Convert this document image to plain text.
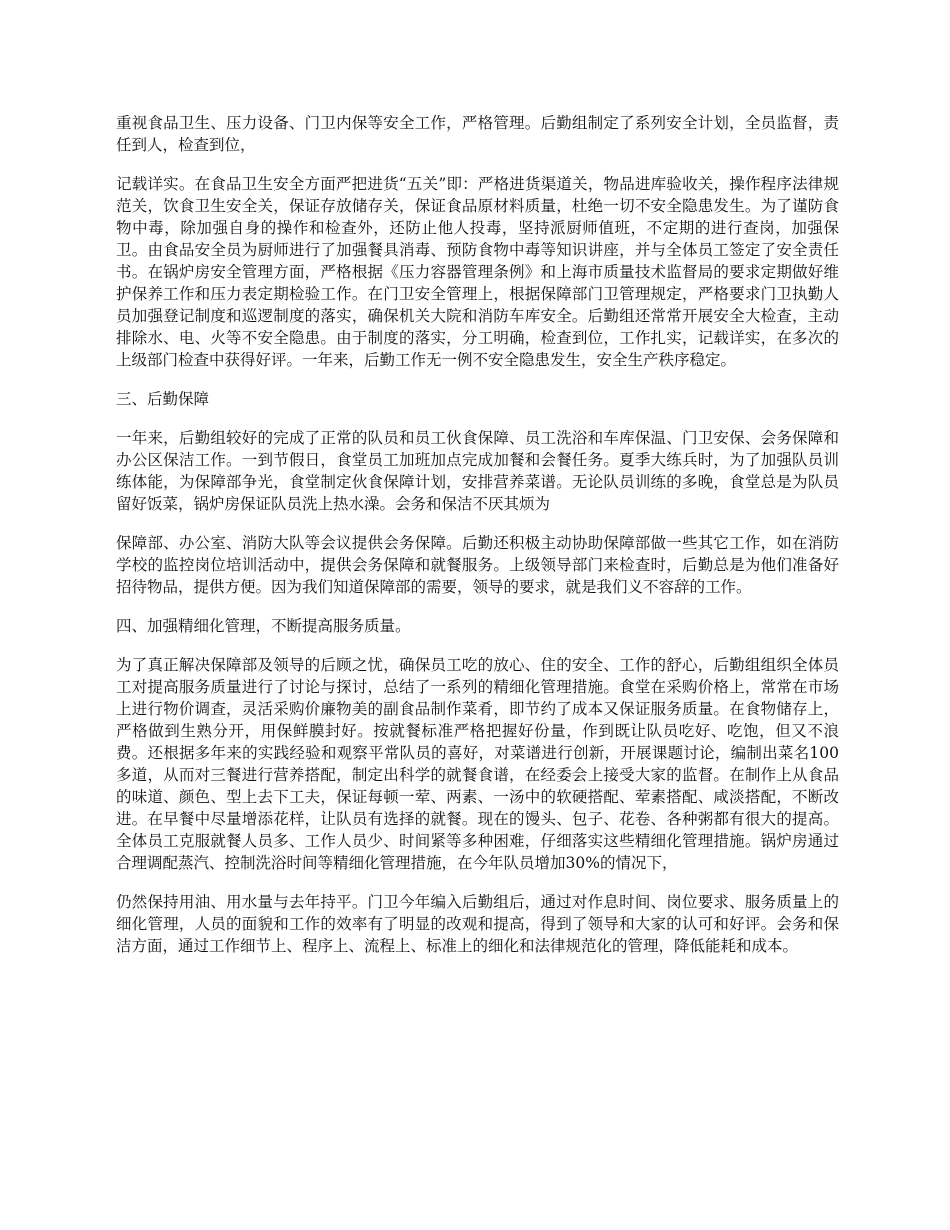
重视食品卫生、压力设备、门卫内保等安全工作，严格管理。后勤组制定了系列安全计划，全员监督，责任到人，检查到位，

记载详实。在食品卫生安全方面严把进货“五关”即：严格进货渠道关，物品进库验收关，操作程序法律规范关，饮食卫生安全关，保证存放储存关，保证食品原材料质量，杜绝一切不安全隐患发生。为了谨防食物中毒，除加强自身的操作和检查外，还防止他人投毒，坚持派厨师值班，不定期的进行查岗，加强保卫。由食品安全员为厨师进行了加强餐具消毒、预防食物中毒等知识讲座，并与全体员工签定了安全责任书。在锅炉房安全管理方面，严格根据《压力容器管理条例》和上海市质量技术监督局的要求定期做好维护保养工作和压力表定期检验工作。在门卫安全管理上，根据保障部门卫管理规定，严格要求门卫执勤人员加强登记制度和巡逻制度的落实，确保机关大院和消防车库安全。后勤组还常常开展安全大检查，主动排除水、电、火等不安全隐患。由于制度的落实，分工明确，检查到位，工作扎实，记载详实，在多次的上级部门检查中获得好评。一年来，后勤工作无一例不安全隐患发生，安全生产秩序稳定。

三、后勤保障

一年来，后勤组较好的完成了正常的队员和员工伙食保障、员工洗浴和车库保温、门卫安保、会务保障和办公区保洁工作。一到节假日，食堂员工加班加点完成加餐和会餐任务。夏季大练兵时，为了加强队员训练体能，为保障部争光，食堂制定伙食保障计划，安排营养菜谱。无论队员训练的多晚，食堂总是为队员留好饭菜，锅炉房保证队员洗上热水澡。会务和保洁不厌其烦为

保障部、办公室、消防大队等会议提供会务保障。后勤还积极主动协助保障部做一些其它工作，如在消防学校的监控岗位培训活动中，提供会务保障和就餐服务。上级领导部门来检查时，后勤总是为他们准备好招待物品，提供方便。因为我们知道保障部的需要，领导的要求，就是我们义不容辞的工作。

四、加强精细化管理，不断提高服务质量。

为了真正解决保障部及领导的后顾之忧，确保员工吃的放心、住的安全、工作的舒心，后勤组组织全体员工对提高服务质量进行了讨论与探讨，总结了一系列的精细化管理措施。食堂在采购价格上，常常在市场上进行物价调查，灵活采购价廉物美的副食品制作菜肴，即节约了成本又保证服务质量。在食物储存上，严格做到生熟分开，用保鲜膜封好。按就餐标准严格把握好份量，作到既让队员吃好、吃饱，但又不浪费。还根据多年来的实践经验和观察平常队员的喜好，对菜谱进行创新，开展课题讨论，编制出菜名100多道，从而对三餐进行营养搭配，制定出科学的就餐食谱，在经委会上接受大家的监督。在制作上从食品的味道、颜色、型上去下工夫，保证每顿一荤、两素、一汤中的软硬搭配、荤素搭配、咸淡搭配，不断改进。在早餐中尽量增添花样，让队员有选择的就餐。现在的馒头、包子、花卷、各种粥都有很大的提高。全体员工克服就餐人员多、工作人员少、时间紧等多种困难，仔细落实这些精细化管理措施。锅炉房通过合理调配蒸汽、控制洗浴时间等精细化管理措施，在今年队员增加30%的情况下，

仍然保持用油、用水量与去年持平。门卫今年编入后勤组后，通过对作息时间、岗位要求、服务质量上的细化管理，人员的面貌和工作的效率有了明显的改观和提高，得到了领导和大家的认可和好评。会务和保洁方面，通过工作细节上、程序上、流程上、标准上的细化和法律规范化的管理，降低能耗和成本。
